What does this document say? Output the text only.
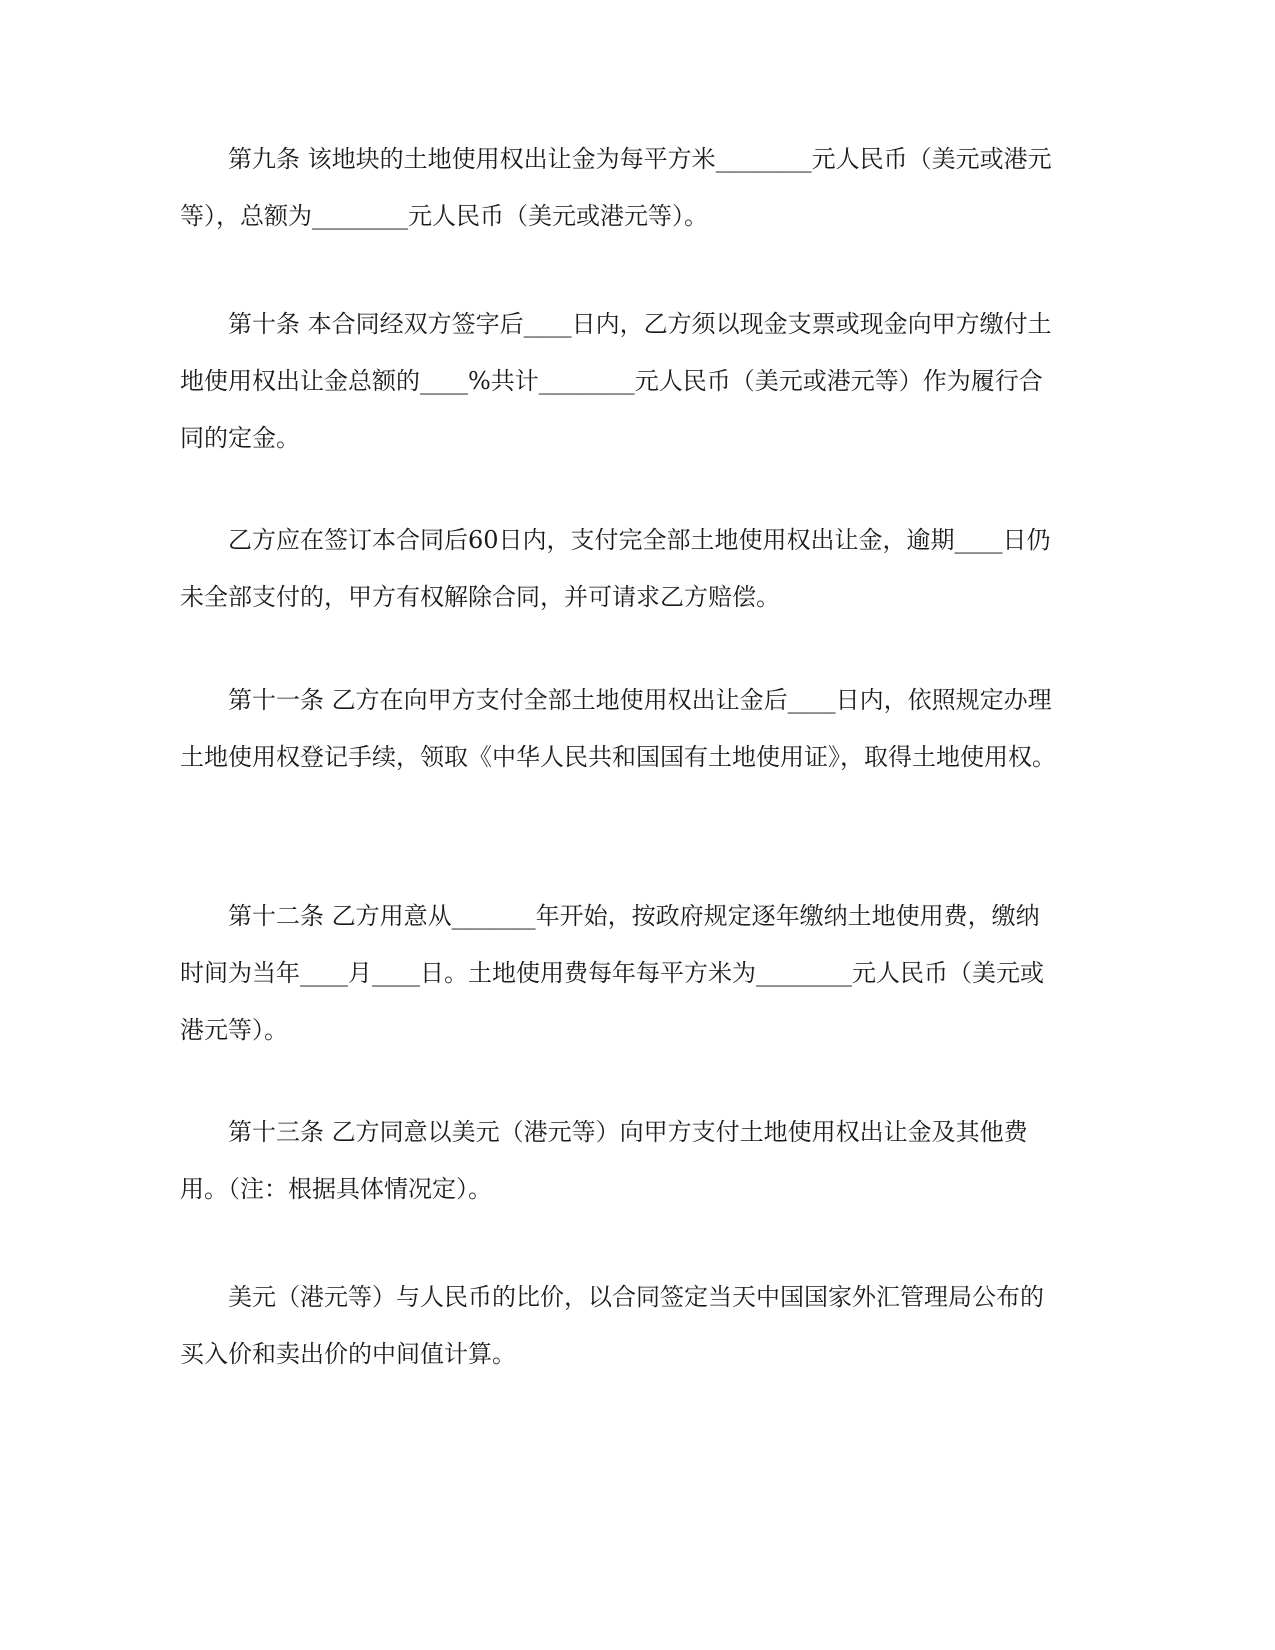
第九条 该地块的土地使用权出让金为每平方米________元人民币（美元或港元等），总额为________元人民币（美元或港元等）。

第十条 本合同经双方签字后____日内，乙方须以现金支票或现金向甲方缴付土地使用权出让金总额的____%共计________元人民币（美元或港元等）作为履行合同的定金。

乙方应在签订本合同后60日内，支付完全部土地使用权出让金，逾期____日仍未全部支付的，甲方有权解除合同，并可请求乙方赔偿。

第十一条 乙方在向甲方支付全部土地使用权出让金后____日内，依照规定办理土地使用权登记手续，领取《中华人民共和国国有土地使用证》，取得土地使用权。

第十二条 乙方用意从_______年开始，按政府规定逐年缴纳土地使用费，缴纳时间为当年____月____日。土地使用费每年每平方米为________元人民币（美元或港元等）。

第十三条 乙方同意以美元（港元等）向甲方支付土地使用权出让金及其他费用。（注：根据具体情况定）。

美元（港元等）与人民币的比价，以合同签定当天中国国家外汇管理局公布的买入价和卖出价的中间值计算。
